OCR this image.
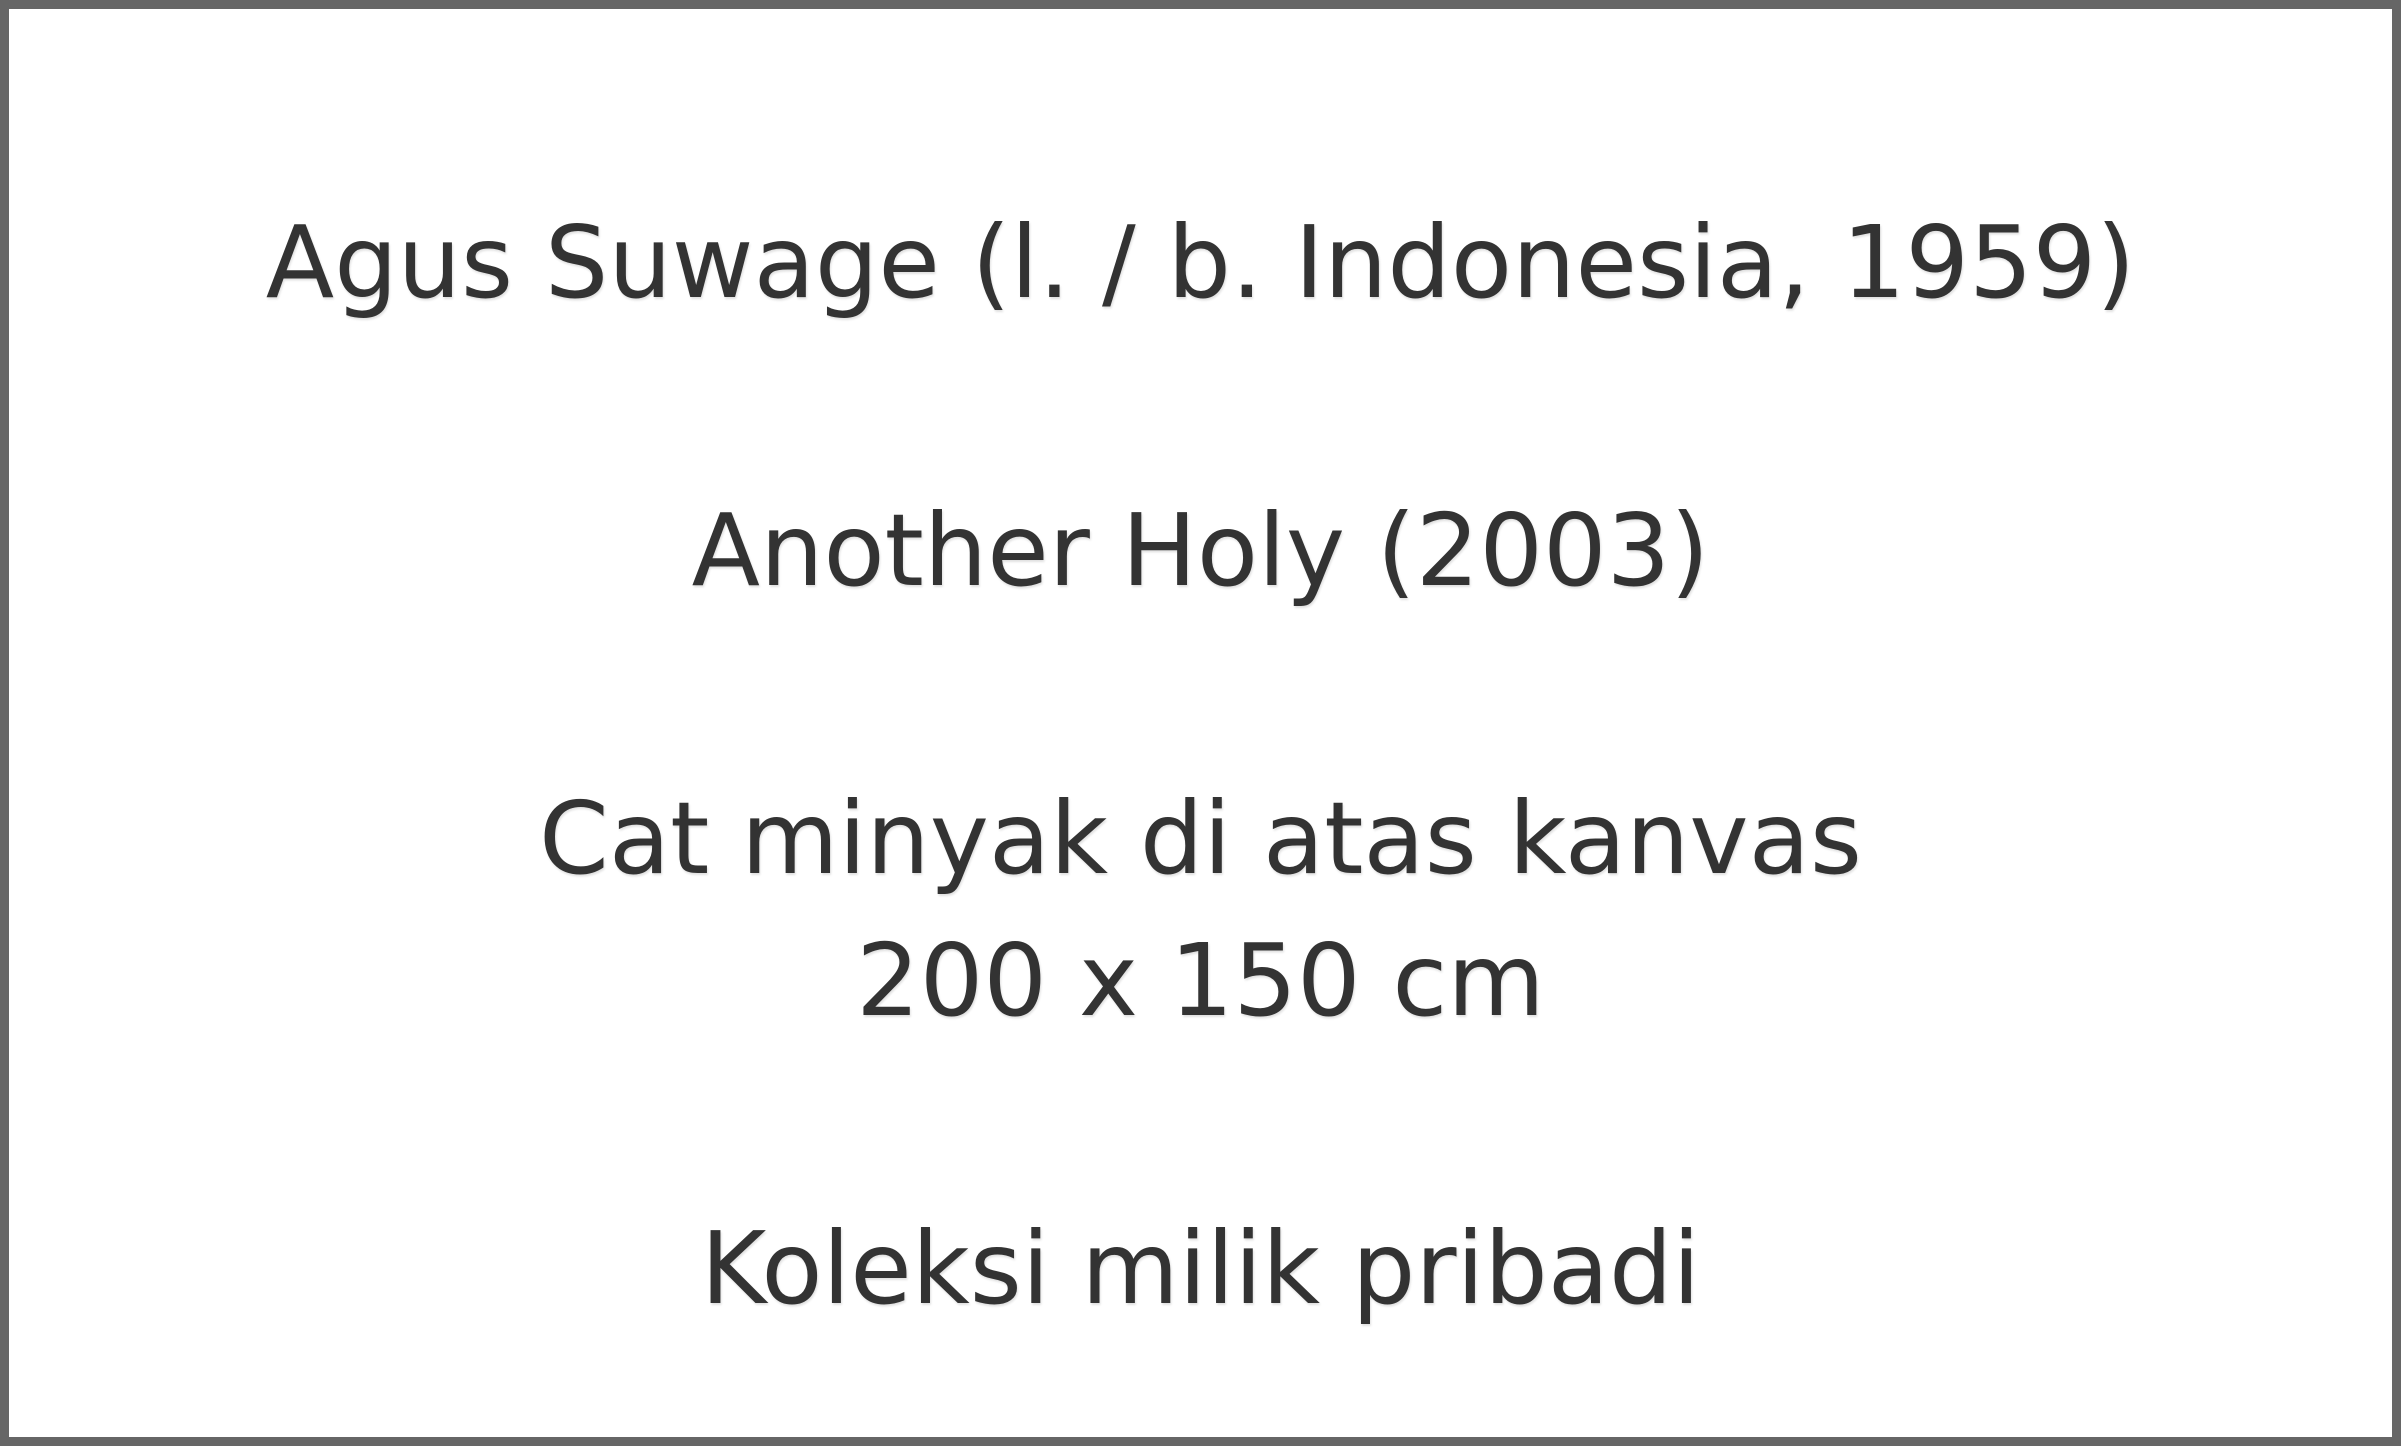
Agus Suwage (l. / b. Indonesia, 1959)
Another Holy (2003)
Cat minyak di atas kanvas
200 x 150 cm
Koleksi milik pribadi
